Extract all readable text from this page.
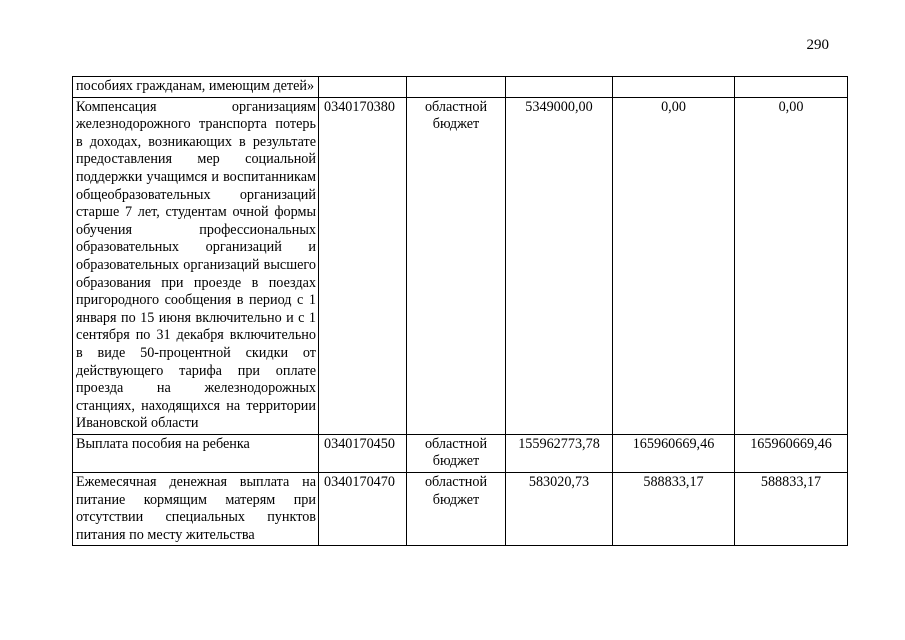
290
пособиях гражданам, имеющим детей»					
Компенсация организациям железнодорожного транспорта потерь в доходах, возникающих в результате предоставления мер социальной поддержки учащимся и воспитанникам общеобразовательных организаций старше 7 лет, студентам очной формы обучения профессиональных образовательных организаций и образовательных организаций высшего образования при проезде в поездах пригородного сообщения в период с 1 января по 15 июня включительно и с 1 сентября по 31 декабря включительно в виде 50-процентной скидки от действующего тарифа при оплате проезда на железнодорожных станциях, находящихся на территории Ивановской области	0340170380	областной бюджет	5349000,00	0,00	0,00
Выплата пособия на ребенка	0340170450	областной бюджет	155962773,78	165960669,46	165960669,46
Ежемесячная денежная выплата на питание кормящим матерям при отсутствии специальных пунктов питания по месту жительства	0340170470	областной бюджет	583020,73	588833,17	588833,17
